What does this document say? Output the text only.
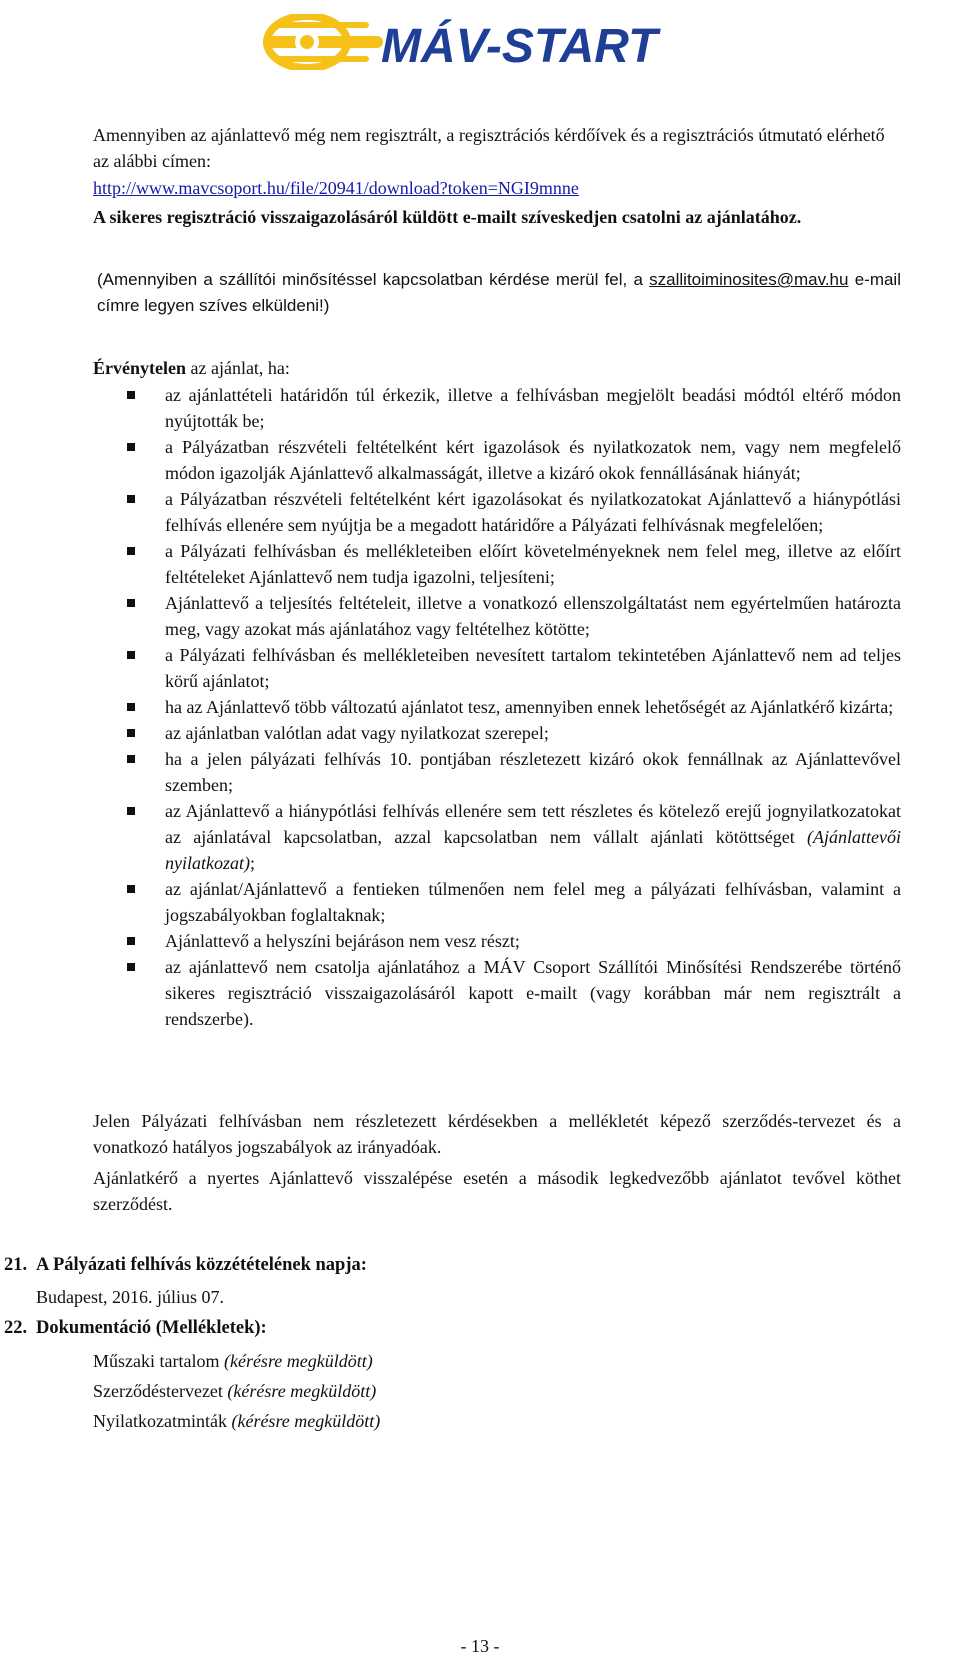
MÁV-START
Amennyiben az ajánlattevő még nem regisztrált, a regisztrációs kérdőívek és a regisztrációs útmutató elérhető az alábbi címen:
http://www.mavcsoport.hu/file/20941/download?token=NGI9mnne
A sikeres regisztráció visszaigazolásáról küldött e-mailt szíveskedjen csatolni az ajánlatához.
(Amennyiben a szállítói minősítéssel kapcsolatban kérdése merül fel, a szallitoiminosites@mav.hu e-mail címre legyen szíves elküldeni!)
Érvénytelen az ajánlat, ha:
az ajánlattételi határidőn túl érkezik, illetve a felhívásban megjelölt beadási módtól eltérő módon nyújtották be;
a Pályázatban részvételi feltételként kért igazolások és nyilatkozatok nem, vagy nem megfelelő módon igazolják Ajánlattevő alkalmasságát, illetve a kizáró okok fennállásának hiányát;
a Pályázatban részvételi feltételként kért igazolásokat és nyilatkozatokat Ajánlattevő a hiánypótlási felhívás ellenére sem nyújtja be a megadott határidőre a Pályázati felhívásnak megfelelően;
a Pályázati felhívásban és mellékleteiben előírt követelményeknek nem felel meg, illetve az előírt feltételeket Ajánlattevő nem tudja igazolni, teljesíteni;
Ajánlattevő a teljesítés feltételeit, illetve a vonatkozó ellenszolgáltatást nem egyértelműen határozta meg, vagy azokat más ajánlatához vagy feltételhez kötötte;
a Pályázati felhívásban és mellékleteiben nevesített tartalom tekintetében Ajánlattevő nem ad teljes körű ajánlatot;
ha az Ajánlattevő több változatú ajánlatot tesz, amennyiben ennek lehetőségét az Ajánlatkérő kizárta;
az ajánlatban valótlan adat vagy nyilatkozat szerepel;
ha a jelen pályázati felhívás 10. pontjában részletezett kizáró okok fennállnak az Ajánlattevővel szemben;
az Ajánlattevő a hiánypótlási felhívás ellenére sem tett részletes és kötelező erejű jognyilatkozatokat az ajánlatával kapcsolatban, azzal kapcsolatban nem vállalt ajánlati kötöttséget (Ajánlattevői nyilatkozat);
az ajánlat/Ajánlattevő a fentieken túlmenően nem felel meg a pályázati felhívásban, valamint a jogszabályokban foglaltaknak;
Ajánlattevő a helyszíni bejáráson nem vesz részt;
az ajánlattevő nem csatolja ajánlatához a MÁV Csoport Szállítói Minősítési Rendszerébe történő sikeres regisztráció visszaigazolásáról kapott e-mailt (vagy korábban már nem regisztrált a rendszerbe).
Jelen Pályázati felhívásban nem részletezett kérdésekben a mellékletét képező szerződés-tervezet és a vonatkozó hatályos jogszabályok az irányadóak.
Ajánlatkérő a nyertes Ajánlattevő visszalépése esetén a második legkedvezőbb ajánlatot tevővel köthet szerződést.
21. A Pályázati felhívás közzétételének napja:
Budapest, 2016. július 07.
22. Dokumentáció (Mellékletek):
Műszaki tartalom (kérésre megküldött)
Szerződéstervezet (kérésre megküldött)
Nyilatkozatminták (kérésre megküldött)
- 13 -
